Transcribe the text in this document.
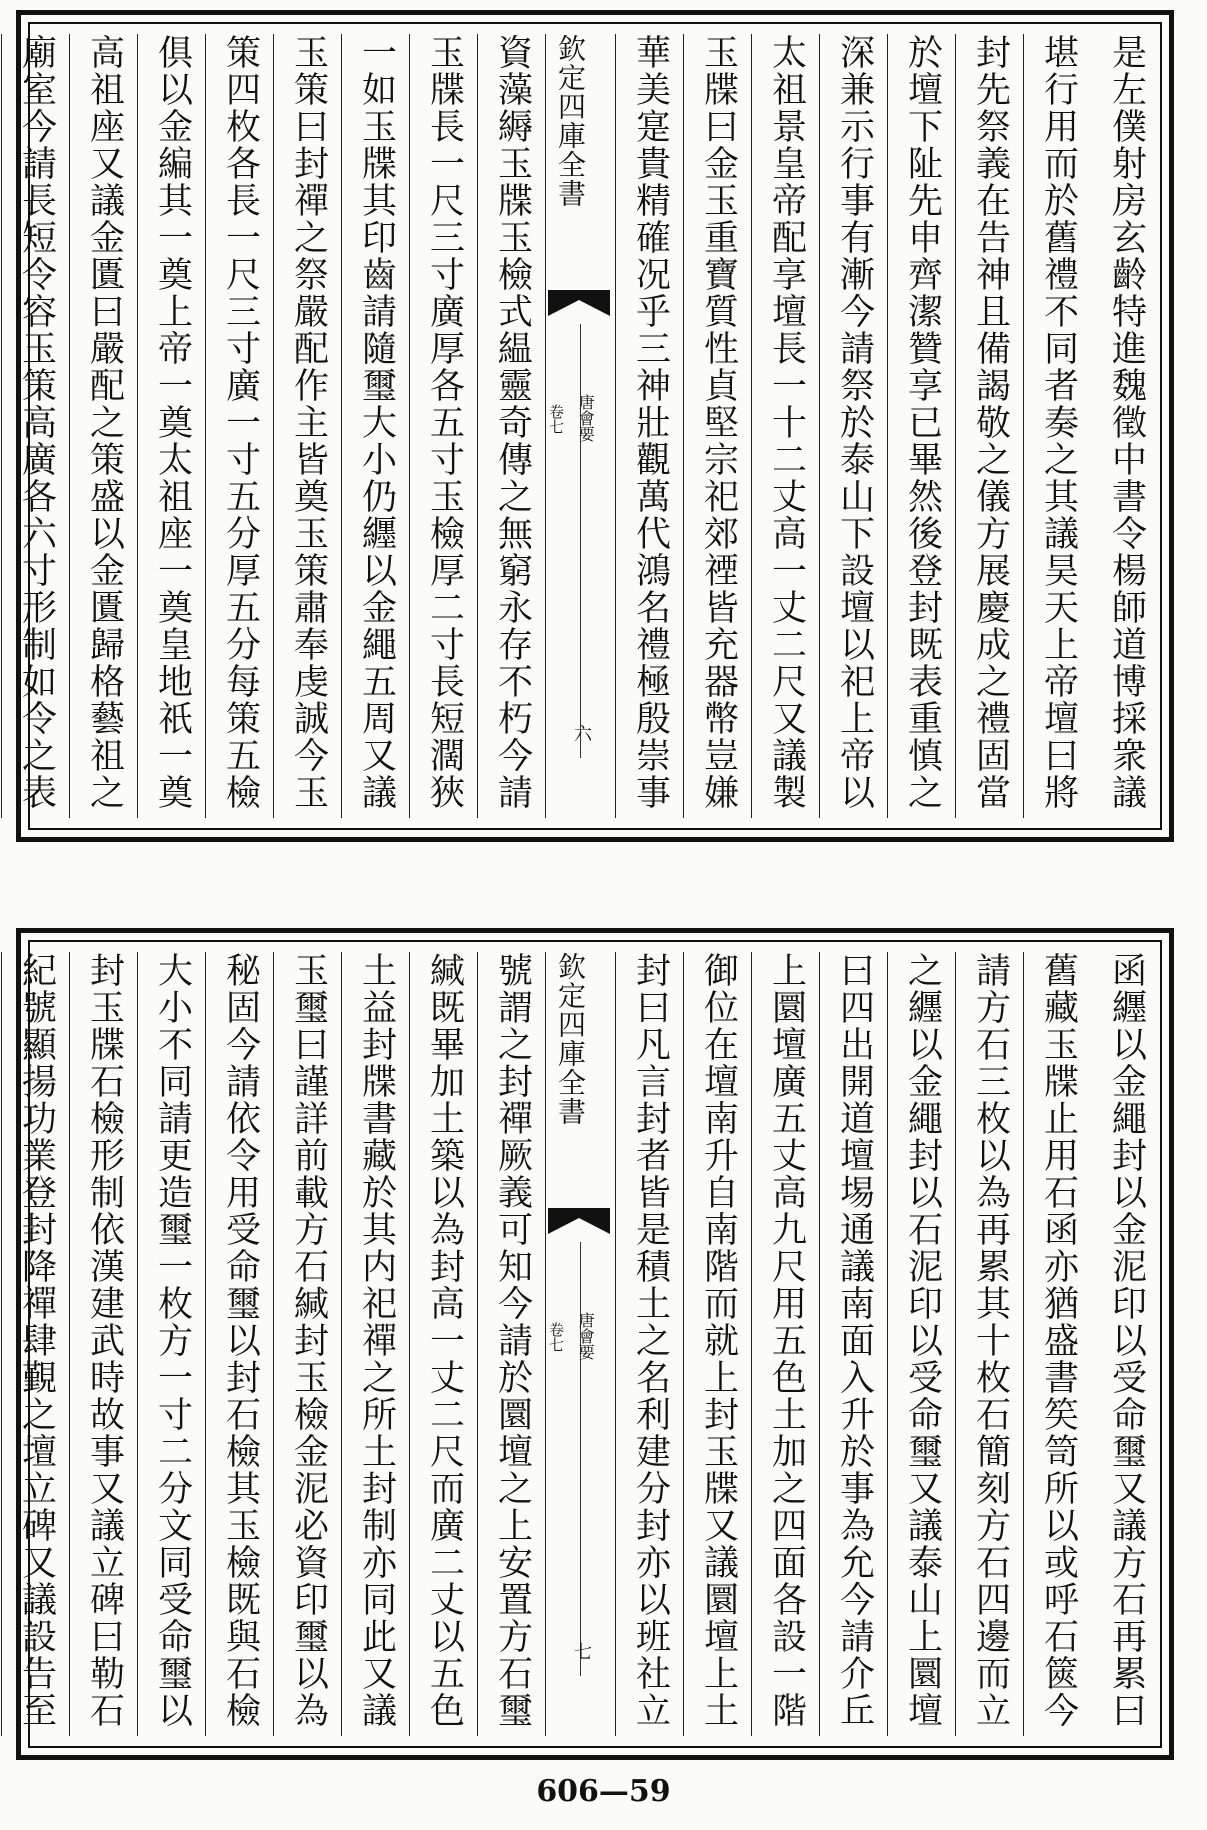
是左僕射房玄齡特進魏徵中書令楊師道博採衆議
堪行用而於舊禮不同者奏之其議昊天上帝壇曰將
封先祭義在告神且備謁敬之儀方展慶成之禮固當
於壇下阯先申齊潔贊享已畢然後登封既表重慎之
深兼示行事有漸今請祭於泰山下設壇以祀上帝以
太祖景皇帝配享壇長一十二丈高一丈二尺又議製
玉牒曰金玉重寶質性貞堅宗祀郊禋皆充器幣豈嫌
華美寔貴精確况乎三神壯觀萬代鴻名禮極殷崇事
欽定四庫全書
唐會要
卷七
六
資藻縟玉牒玉檢式緼靈奇傳之無窮永存不朽今請
玉牒長一尺三寸廣厚各五寸玉檢厚二寸長短濶狹
一如玉牒其印齒請隨璽大小仍纒以金繩五周又議
玉策曰封禪之祭嚴配作主皆奠玉策肅奉虔誠今玉
策四枚各長一尺三寸廣一寸五分厚五分每策五檢
俱以金編其一奠上帝一奠太祖座一奠皇地祇一奠
高祖座又議金匱曰嚴配之策盛以金匱歸格藝祖之
廟室今請長短令容玉策高廣各六寸形制如令之表
函纒以金繩封以金泥印以受命璽又議方石再累曰
舊藏玉牒止用石函亦猶盛書笶笥所以或呼石篋今
請方石三枚以為再累其十枚石簡刻方石四邊而立
之纒以金繩封以石泥印以受命璽又議泰山上圜壇
曰四出開道壇埸通議南面入升於事為允今請介丘
上圜壇廣五丈高九尺用五色土加之四面各設一階
御位在壇南升自南階而就上封玉牒又議圜壇上土
封曰凡言封者皆是積土之名利建分封亦以班社立
欽定四庫全書
唐會要
卷七
七
號謂之封禪厥義可知今請於圜壇之上安置方石璽
緘既畢加土築以為封高一丈二尺而廣二丈以五色
土益封牒書藏於其内祀禪之所土封制亦同此又議
玉璽曰謹詳前載方石緘封玉檢金泥必資印璽以為
秘固今請依令用受命璽以封石檢其玉檢既與石檢
大小不同請更造璽一枚方一寸二分文同受命璽以
封玉牒石檢形制依漢建武時故事又議立碑曰勒石
紀號顯揚功業登封降禪肆覲之壇立碑又議設告至
606—59
